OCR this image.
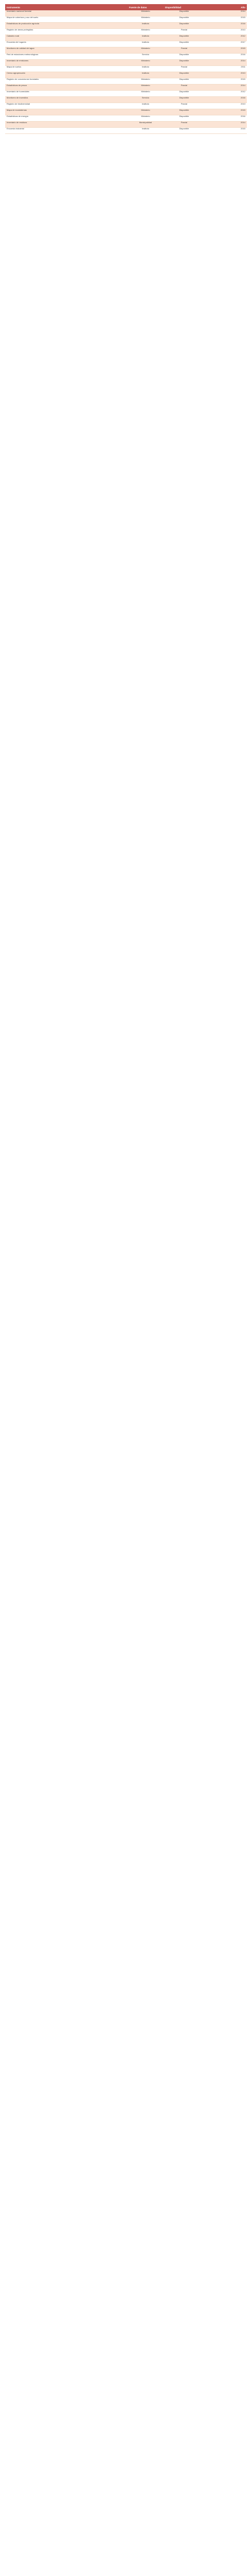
Instrumento	Fuente de datos	Disponibilidad	Año
Inventario nacional forestal	Ministerio	Disponible	2014
Mapa de cobertura y uso del suelo	Ministerio	Disponible	2015
Estadísticas de producción agrícola	Instituto	Disponible	2016
Registro de áreas protegidas	Ministerio	Parcial	2013
Catastro rural	Instituto	Disponible	2012
Encuesta de hogares	Instituto	Disponible	2017
Monitoreo de calidad del agua	Ministerio	Parcial	2015
Red de estaciones meteorológicas	Servicio	Disponible	2016
Inventario de emisiones	Ministerio	Disponible	2014
Mapa de suelos	Instituto	Parcial	2011
Censo agropecuario	Instituto	Disponible	2013
Registro de concesiones forestales	Ministerio	Disponible	2015
Estadísticas de pesca	Ministerio	Parcial	2014
Inventario de humedales	Ministerio	Disponible	2012
Monitoreo de incendios	Servicio	Disponible	2016
Registro de biodiversidad	Instituto	Parcial	2013
Mapa de ecosistemas	Ministerio	Disponible	2015
Estadísticas de energía	Ministerio	Disponible	2016
Inventario de residuos	Municipalidad	Parcial	2014
Encuesta industrial	Instituto	Disponible	2015
